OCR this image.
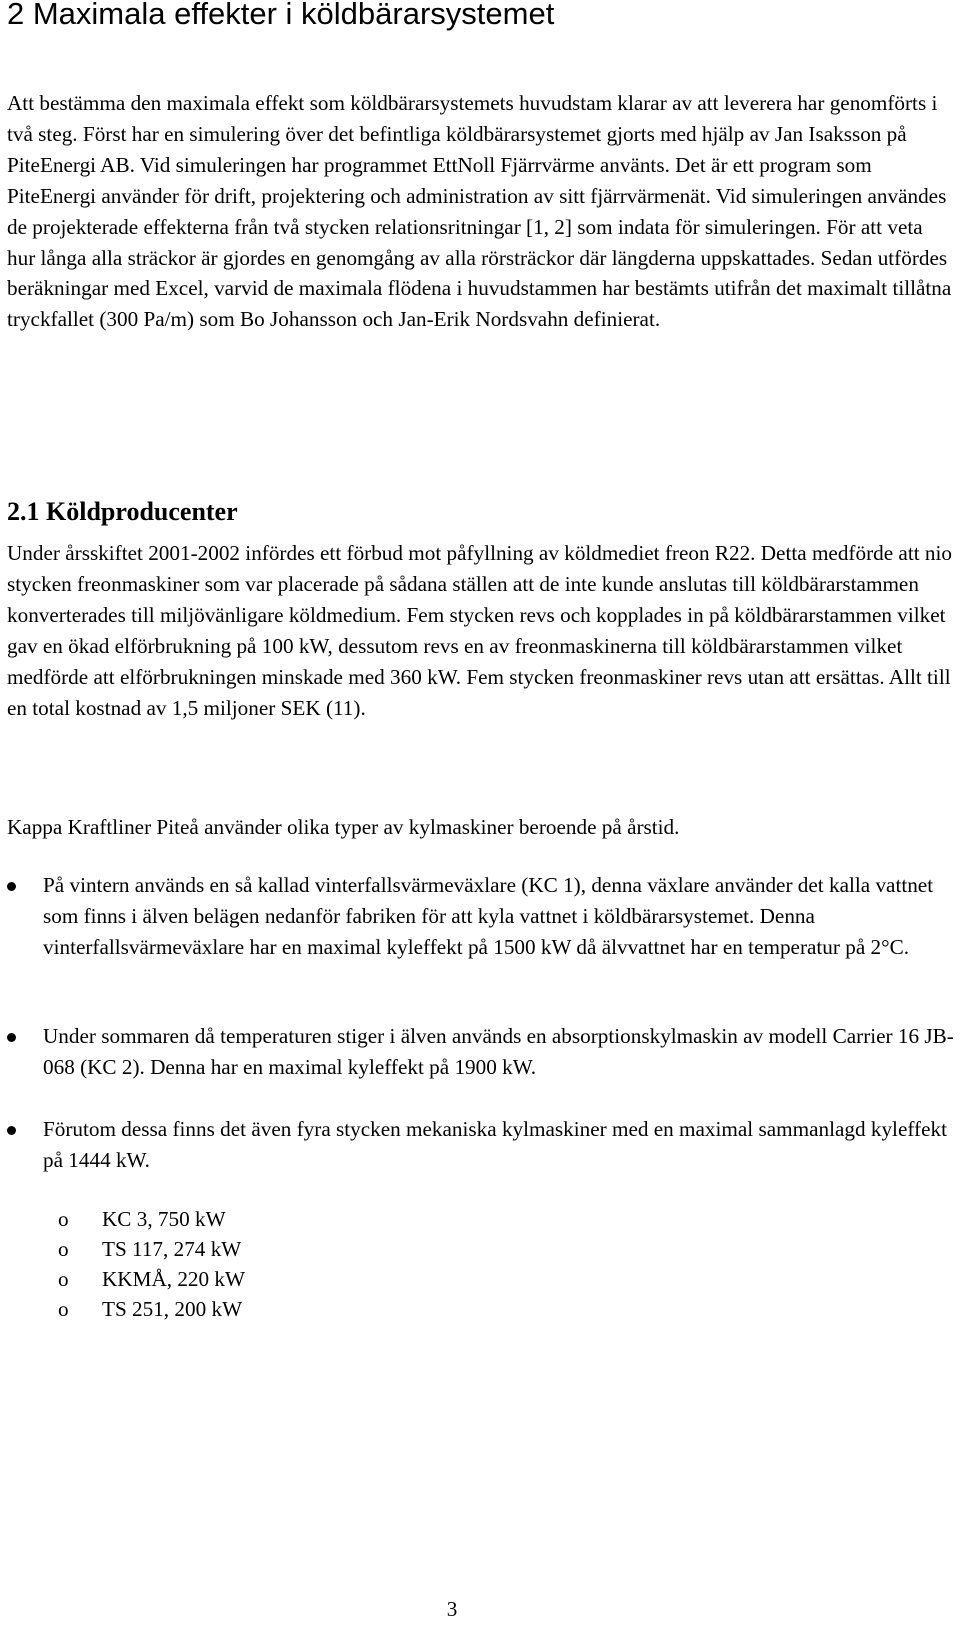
2 Maximala effekter i köldbärarsystemet

Att bestämma den maximala effekt som köldbärarsystemets huvudstam klarar av att leverera har genomförts i två steg. Först har en simulering över det befintliga köldbärarsystemet gjorts med hjälp av Jan Isaksson på PiteEnergi AB. Vid simuleringen har programmet EttNoll Fjärrvärme använts. Det är ett program som PiteEnergi använder för drift, projektering och administration av sitt fjärrvärmenät. Vid simuleringen användes de projekterade effekterna från två stycken relationsritningar [1, 2] som indata för simuleringen. För att veta hur långa alla sträckor är gjordes en genomgång av alla rörsträckor där längderna uppskattades. Sedan utfördes beräkningar med Excel, varvid de maximala flödena i huvudstammen har bestämts utifrån det maximalt tillåtna tryckfallet (300 Pa/m) som Bo Johansson och Jan-Erik Nordsvahn definierat.

2.1 Köldproducenter

Under årsskiftet 2001-2002 infördes ett förbud mot påfyllning av köldmediet freon R22. Detta medförde att nio stycken freonmaskiner som var placerade på sådana ställen att de inte kunde anslutas till köldbärarstammen konverterades till miljövänligare köldmedium. Fem stycken revs och kopplades in på köldbärarstammen vilket gav en ökad elförbrukning på 100 kW, dessutom revs en av freonmaskinerna till köldbärarstammen vilket medförde att elförbrukningen minskade med 360 kW. Fem stycken freonmaskiner revs utan att ersättas. Allt till en total kostnad av 1,5 miljoner SEK (11).

Kappa Kraftliner Piteå använder olika typer av kylmaskiner beroende på årstid.

På vintern används en så kallad vinterfallsvärmeväxlare (KC 1), denna växlare använder det kalla vattnet som finns i älven belägen nedanför fabriken för att kyla vattnet i köldbärarsystemet. Denna vinterfallsvärmeväxlare har en maximal kyleffekt på 1500 kW då älvvattnet har en temperatur på 2°C.
Under sommaren då temperaturen stiger i älven används en absorptionskylmaskin av modell Carrier 16 JB-068 (KC 2). Denna har en maximal kyleffekt på 1900 kW.
Förutom dessa finns det även fyra stycken mekaniska kylmaskiner med en maximal sammanlagd kyleffekt på 1444 kW.
o KC 3, 750 kW
o TS 117, 274 kW
o KKMÅ, 220 kW
o TS 251, 200 kW
3
